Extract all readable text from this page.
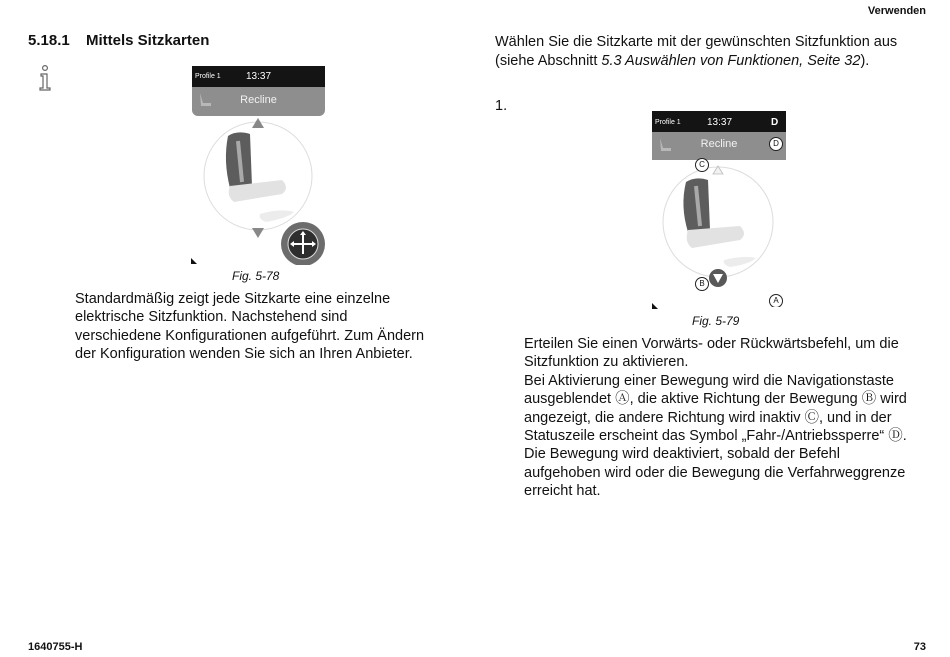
Verwenden
5.18.1 Mittels Sitzkarten
Profile 1	13:37
Recline
Fig. 5-78
Standardmäßig zeigt jede Sitzkarte eine einzelne elektrische Sitzfunktion. Nachstehend sind verschiedene Konfigurationen aufgeführt. Zum Ändern der Konfiguration wenden Sie sich an Ihren Anbieter.
Wählen Sie die Sitzkarte mit der gewünschten Sitzfunktion aus (siehe Abschnitt 5.3 Auswählen von Funktionen, Seite 32).
1.
Profile 1	13:37	D
Recline	D
C
B
A
Fig. 5-79
Erteilen Sie einen Vorwärts- oder Rückwärtsbefehl, um die Sitzfunktion zu aktivieren.
Bei Aktivierung einer Bewegung wird die Navigationstaste ausgeblendet Ⓐ, die aktive Richtung der Bewegung Ⓑ wird angezeigt, die andere Richtung wird inaktiv Ⓒ, und in der Statuszeile erscheint das Symbol „Fahr-/Antriebssperre“ Ⓓ.
Die Bewegung wird deaktiviert, sobald der Befehl aufgehoben wird oder die Bewegung die Verfahrweggrenze erreicht hat.
1640755-H	73
